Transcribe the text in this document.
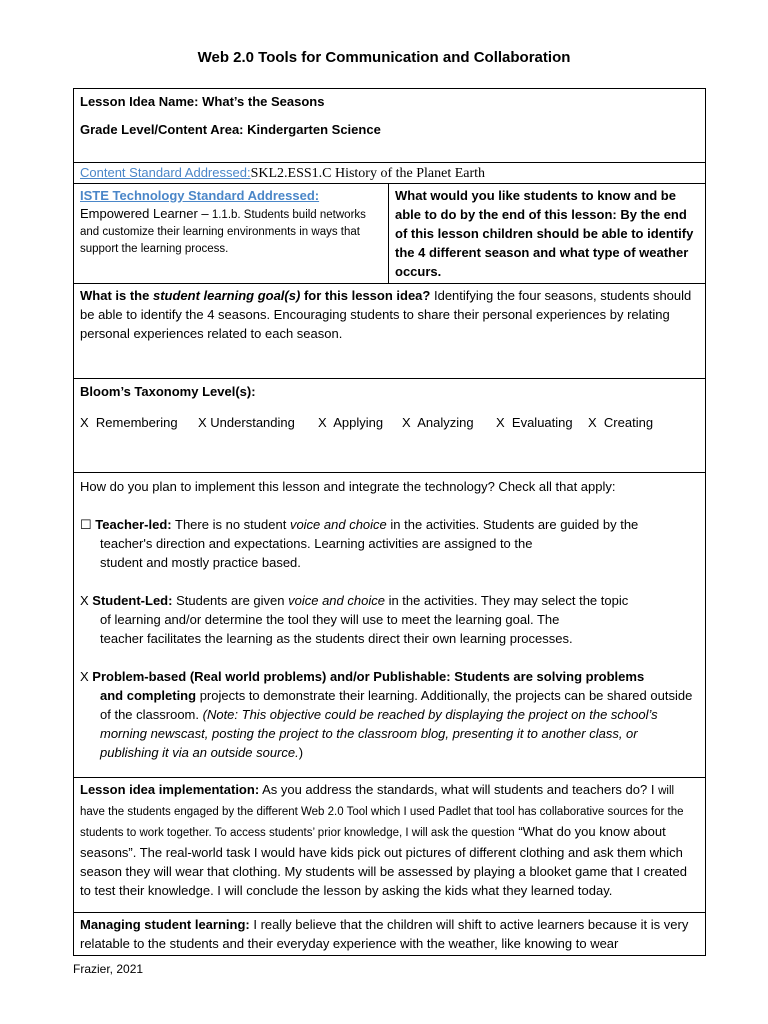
Web 2.0 Tools for Communication and Collaboration

Lesson Idea Name: What’s the Seasons

Grade Level/Content Area: Kindergarten Science

Content Standard Addressed:SKL2.ESS1.C History of the Planet Earth

ISTE Technology Standard Addressed:

Empowered Learner – 1.1.b. Students build networks and customize their learning environments in ways that support the learning process.

What would you like students to know and be able to do by the end of this lesson: By the end of this lesson children should be able to identify the 4 different season and what type of weather occurs.

What is the student learning goal(s) for this lesson idea? Identifying the four seasons, students should be able to identify the 4 seasons. Encouraging students to share their personal experiences by relating personal experiences related to each season.

Bloom’s Taxonomy Level(s):

X Remembering	X Understanding	X Applying	X Analyzing	X Evaluating	X Creating

How do you plan to implement this lesson and integrate the technology? Check all that apply:

☐ Teacher-led: There is no student voice and choice in the activities. Students are guided by the

teacher's direction and expectations. Learning activities are assigned to the

student and mostly practice based.

X Student-Led: Students are given voice and choice in the activities. They may select the topic

of learning and/or determine the tool they will use to meet the learning goal. The

teacher facilitates the learning as the students direct their own learning processes.

X Problem-based (Real world problems) and/or Publishable: Students are solving problems

and completing projects to demonstrate their learning. Additionally, the projects can be shared outside of the classroom. (Note: This objective could be reached by displaying the project on the school’s morning newscast, posting the project to the classroom blog, presenting it to another class, or publishing it via an outside source.)

Lesson idea implementation: As you address the standards, what will students and teachers do? I will have the students engaged by the different Web 2.0 Tool which I used Padlet that tool has collaborative sources for the students to work together. To access students’ prior knowledge, I will ask the question “What do you know about seasons”. The real-world task I would have kids pick out pictures of different clothing and ask them which season they will wear that clothing. My students will be assessed by playing a blooket game that I created to test their knowledge. I will conclude the lesson by asking the kids what they learned today.

Managing student learning: I really believe that the children will shift to active learners because it is very relatable to the students and their everyday experience with the weather, like knowing to wear

Frazier, 2021
